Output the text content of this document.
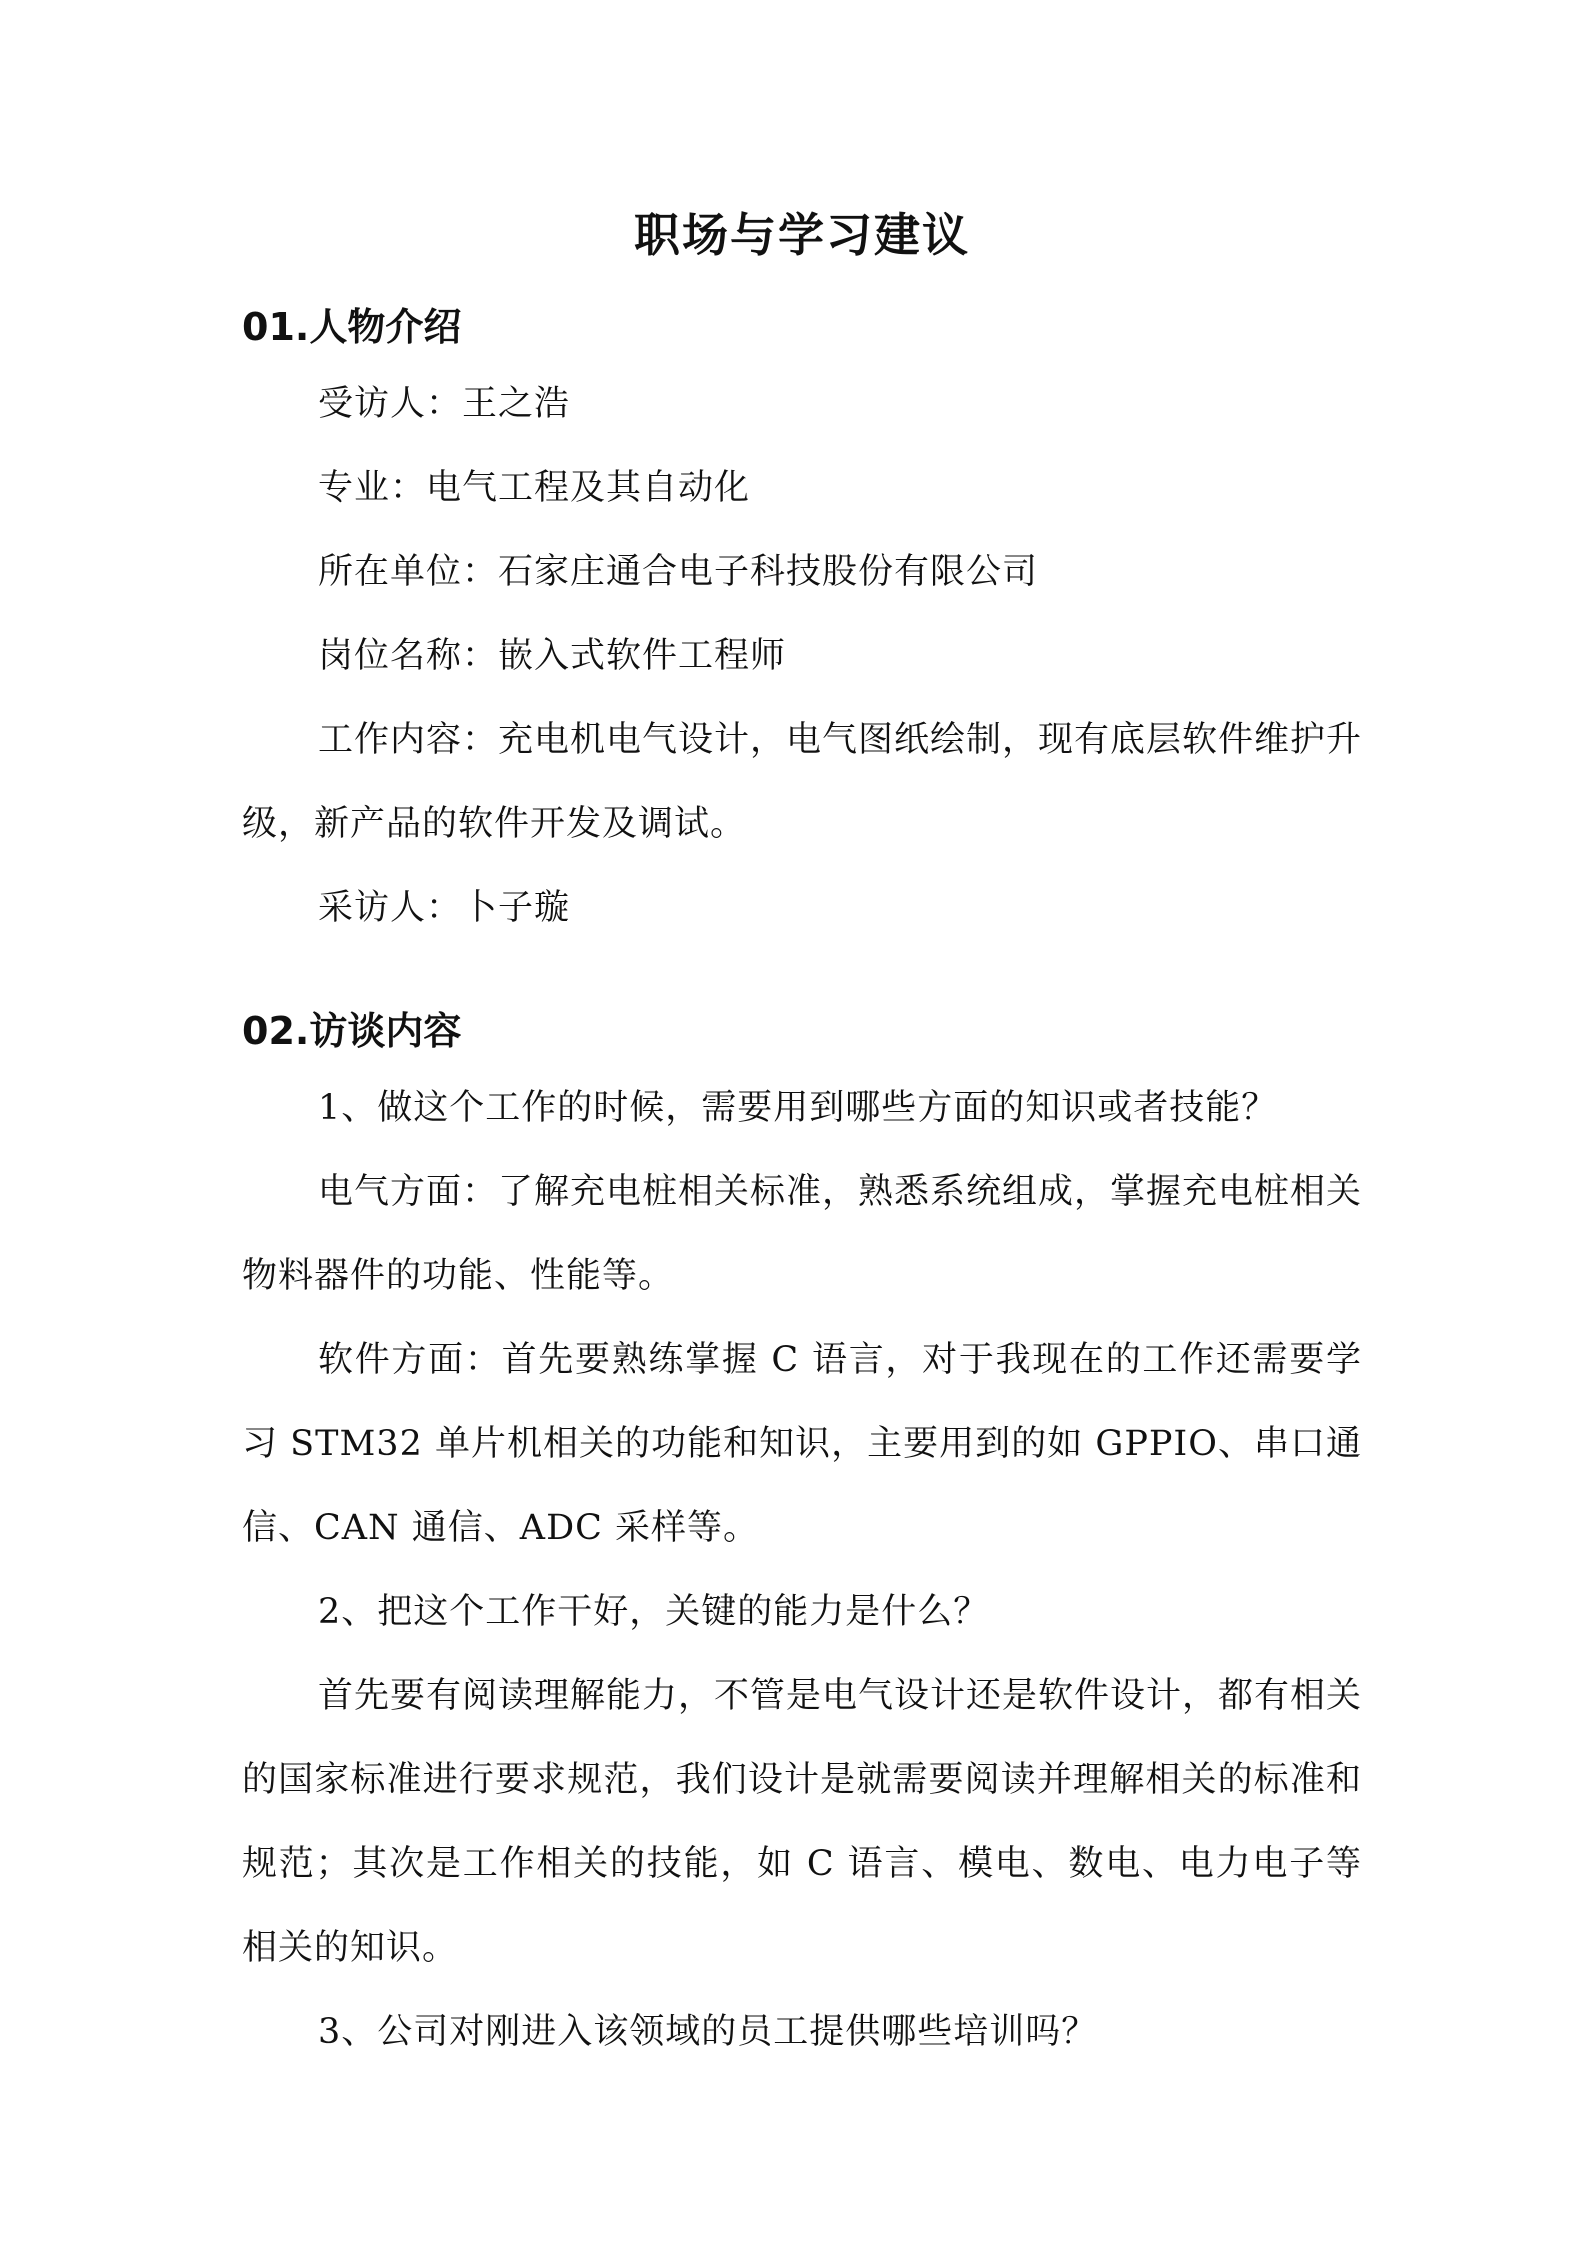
职场与学习建议
01.人物介绍

受访人：王之浩

专业：电气工程及其自动化

所在单位：石家庄通合电子科技股份有限公司

岗位名称：嵌入式软件工程师

工作内容：充电机电气设计，电气图纸绘制，现有底层软件维护升级，新产品的软件开发及调试。

采访人：卜子璇

02.访谈内容

1、做这个工作的时候，需要用到哪些方面的知识或者技能？

电气方面：了解充电桩相关标准，熟悉系统组成，掌握充电桩相关物料器件的功能、性能等。

软件方面：首先要熟练掌握 C 语言，对于我现在的工作还需要学习 STM32 单片机相关的功能和知识，主要用到的如 GPPIO、串口通信、CAN 通信、ADC 采样等。

2、把这个工作干好，关键的能力是什么？

首先要有阅读理解能力，不管是电气设计还是软件设计，都有相关的国家标准进行要求规范，我们设计是就需要阅读并理解相关的标准和规范；其次是工作相关的技能，如 C 语言、模电、数电、电力电子等相关的知识。

3、公司对刚进入该领域的员工提供哪些培训吗？
